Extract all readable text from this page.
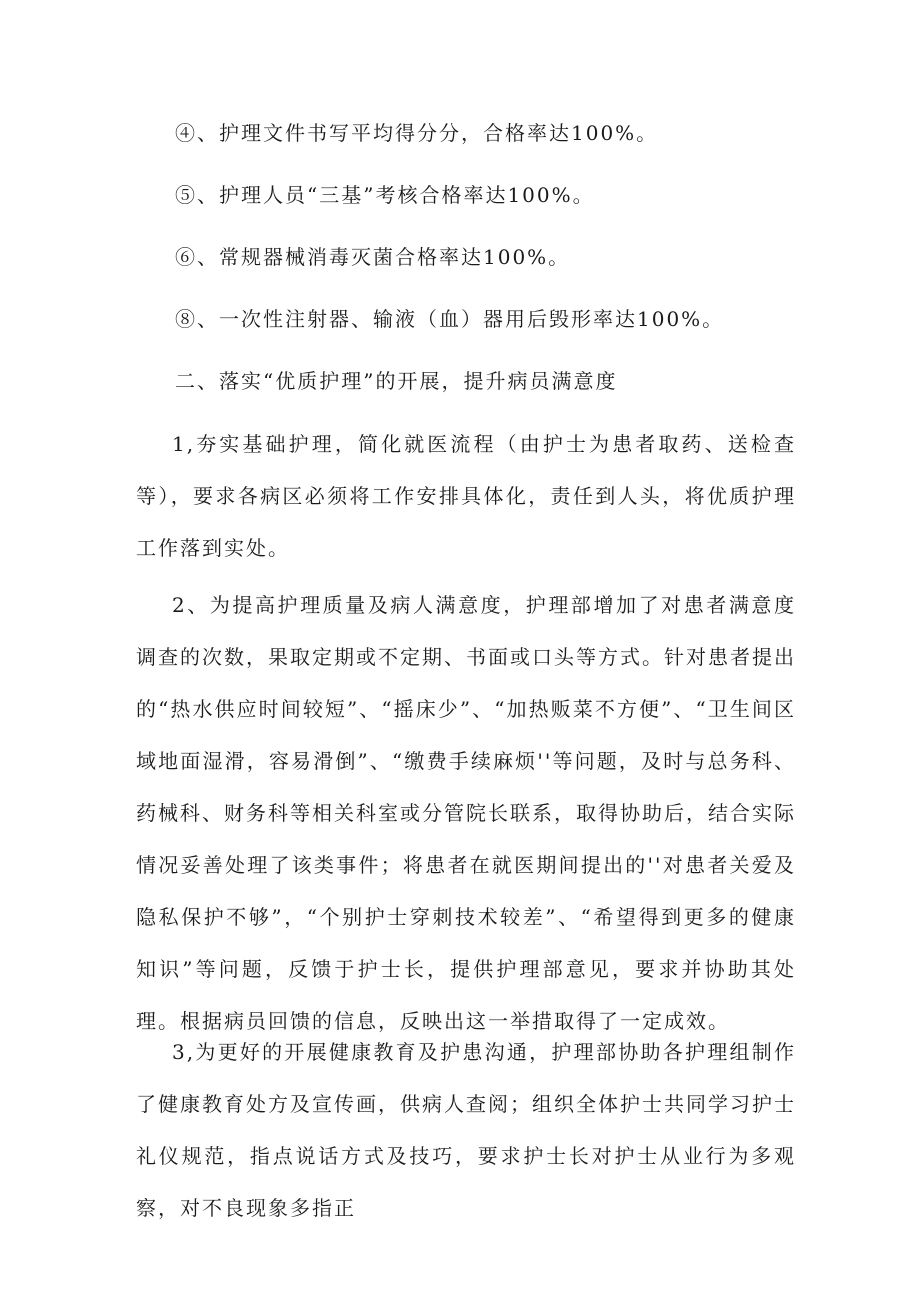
④、护理文件书写平均得分分，合格率达100%。
⑤、护理人员“三基”考核合格率达100%。
⑥、常规器械消毒灭菌合格率达100%。
⑧、一次性注射器、输液（血）器用后毁形率达100%。
二、落实“优质护理”的开展，提升病员满意度
1,夯实基础护理，简化就医流程（由护士为患者取药、送检查等），要求各病区必须将工作安排具体化，责任到人头，将优质护理工作落到实处。
2、为提高护理质量及病人满意度，护理部增加了对患者满意度调查的次数，果取定期或不定期、书面或口头等方式。针对患者提出的“热水供应时间较短”、“摇床少”、“加热贩菜不方便”、“卫生间区域地面湿滑，容易滑倒”、“缴费手续麻烦''等问题，及时与总务科、药械科、财务科等相关科室或分管院长联系，取得协助后，结合实际情况妥善处理了该类事件；将患者在就医期间提出的''对患者关爱及隐私保护不够”，“个别护士穿刺技术较差”、“希望得到更多的健康知识”等问题，反馈于护士长，提供护理部意见，要求并协助其处理。根据病员回馈的信息，反映出这一举措取得了一定成效。
3,为更好的开展健康教育及护患沟通，护理部协助各护理组制作了健康教育处方及宣传画，供病人查阅；组织全体护士共同学习护士礼仪规范，指点说话方式及技巧，要求护士长对护士从业行为多观察，对不良现象多指正
